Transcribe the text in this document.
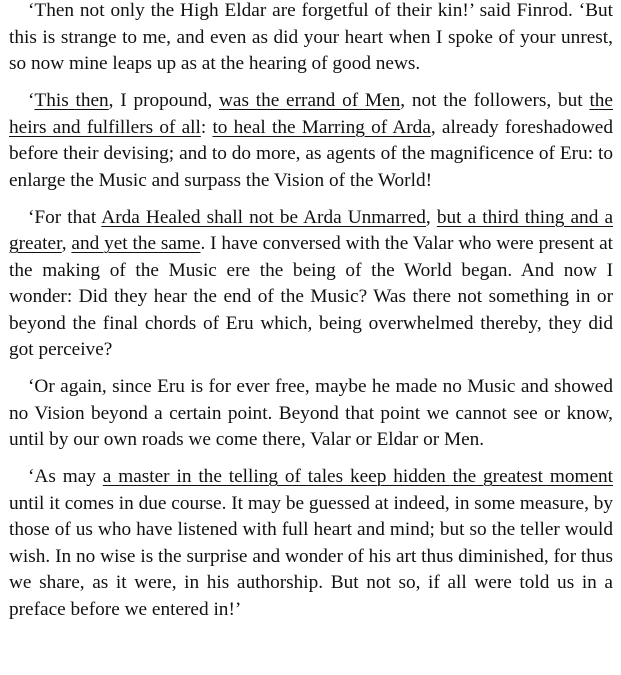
‘Then not only the High Eldar are forgetful of their kin!’ said Finrod. ‘But this is strange to me, and even as did your heart when I spoke of your unrest, so now mine leaps up as at the hearing of good news.

‘This then, I propound, was the errand of Men, not the followers, but the heirs and fulfillers of all: to heal the Marring of Arda, already foreshadowed before their devising; and to do more, as agents of the magnificence of Eru: to enlarge the Music and surpass the Vision of the World!

‘For that Arda Healed shall not be Arda Unmarred, but a third thing and a greater, and yet the same. I have conversed with the Valar who were present at the making of the Music ere the being of the World began. And now I wonder: Did they hear the end of the Music? Was there not something in or beyond the final chords of Eru which, being overwhelmed thereby, they did got perceive?

‘Or again, since Eru is for ever free, maybe he made no Music and showed no Vision beyond a certain point. Beyond that point we cannot see or know, until by our own roads we come there, Valar or Eldar or Men.

‘As may a master in the telling of tales keep hidden the greatest moment until it comes in due course. It may be guessed at indeed, in some measure, by those of us who have listened with full heart and mind; but so the teller would wish. In no wise is the surprise and wonder of his art thus diminished, for thus we share, as it were, in his authorship. But not so, if all were told us in a preface before we entered in!’
